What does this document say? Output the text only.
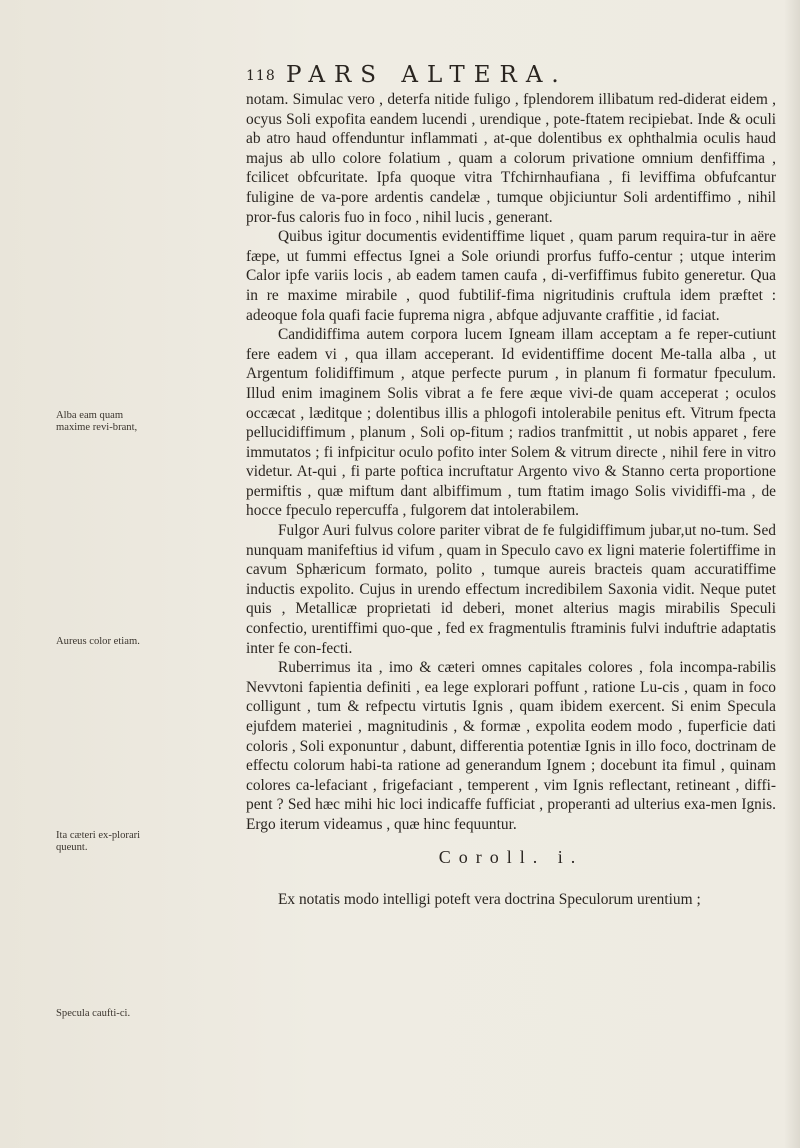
118 PARS ALTERA.

notam. Simulac vero , deterfa nitide fuligo , fplendorem illibatum red-diderat eidem , ocyus Soli expofita eandem lucendi , urendique , pote-ftatem recipiebat. Inde & oculi ab atro haud offenduntur inflammati , at-que dolentibus ex ophthalmia oculis haud majus ab ullo colore folatium , quam a colorum privatione omnium denfiffima , fcilicet obfcuritate. Ipfa quoque vitra Tfchirnhaufiana , fi leviffima obfufcantur fuligine de va-pore ardentis candelæ , tumque objiciuntur Soli ardentiffimo , nihil pror-fus caloris fuo in foco , nihil lucis , generant.

Quibus igitur documentis evidentiffime liquet , quam parum requira-tur in aëre fæpe, ut fummi effectus Ignei a Sole oriundi prorfus fuffo-centur ; utque interim Calor ipfe variis locis , ab eadem tamen caufa , di-verfiffimus fubito generetur. Qua in re maxime mirabile , quod fubtilif-fima nigritudinis cruftula idem præftet : adeoque fola quafi facie fuprema nigra , abfque adjuvante craffitie , id faciat.

Candidiffima autem corpora lucem Igneam illam acceptam a fe reper-cutiunt fere eadem vi , qua illam acceperant. Id evidentiffime docent Me-talla alba , ut Argentum folidiffimum , atque perfecte purum , in planum fi formatur fpeculum. Illud enim imaginem Solis vibrat a fe fere æque vivi-de quam acceperat ; oculos occæcat , læditque ; dolentibus illis a phlogofi intolerabile penitus eft. Vitrum fpecta pellucidiffimum , planum , Soli op-fitum ; radios tranfmittit , ut nobis apparet , fere immutatos ; fi infpicitur oculo pofito inter Solem & vitrum directe , nihil fere in vitro videtur. At-qui , fi parte poftica incruftatur Argento vivo & Stanno certa proportione permiftis , quæ miftum dant albiffimum , tum ftatim imago Solis vividiffi-ma , de hocce fpeculo repercuffa , fulgorem dat intolerabilem.

Fulgor Auri fulvus colore pariter vibrat de fe fulgidiffimum jubar,ut no-tum. Sed nunquam manifeftius id vifum , quam in Speculo cavo ex ligni materie folertiffime in cavum Sphæricum formato, polito , tumque aureis bracteis quam accuratiffime inductis expolito. Cujus in urendo effectum incredibilem Saxonia vidit. Neque putet quis , Metallicæ proprietati id deberi, monet alterius magis mirabilis Speculi confectio, urentiffimi quo-que , fed ex fragmentulis ftraminis fulvi induftrie adaptatis inter fe con-fecti.

Ruberrimus ita , imo & cæteri omnes capitales colores , fola incompa-rabilis Nevvtoni fapientia definiti , ea lege explorari poffunt , ratione Lu-cis , quam in foco colligunt , tum & refpectu virtutis Ignis , quam ibidem exercent. Si enim Specula ejufdem materiei , magnitudinis , & formæ , expolita eodem modo , fuperficie dati coloris , Soli exponuntur , dabunt, differentia potentiæ Ignis in illo foco, doctrinam de effectu colorum habi-ta ratione ad generandum Ignem ; docebunt ita fimul , quinam colores ca-lefaciant , frigefaciant , temperent , vim Ignis reflectant, retineant , diffi-pent ? Sed hæc mihi hic loci indicaffe fufficiat , properanti ad ulterius exa-men Ignis. Ergo iterum videamus , quæ hinc fequuntur.

Coroll. i.

Ex notatis modo intelligi poteft vera doctrina Speculorum urentium ;

Alba eam quam maxime revi-brant,
Aureus color etiam.
Ita cæteri ex-plorari queunt.
Specula caufti-ci.
